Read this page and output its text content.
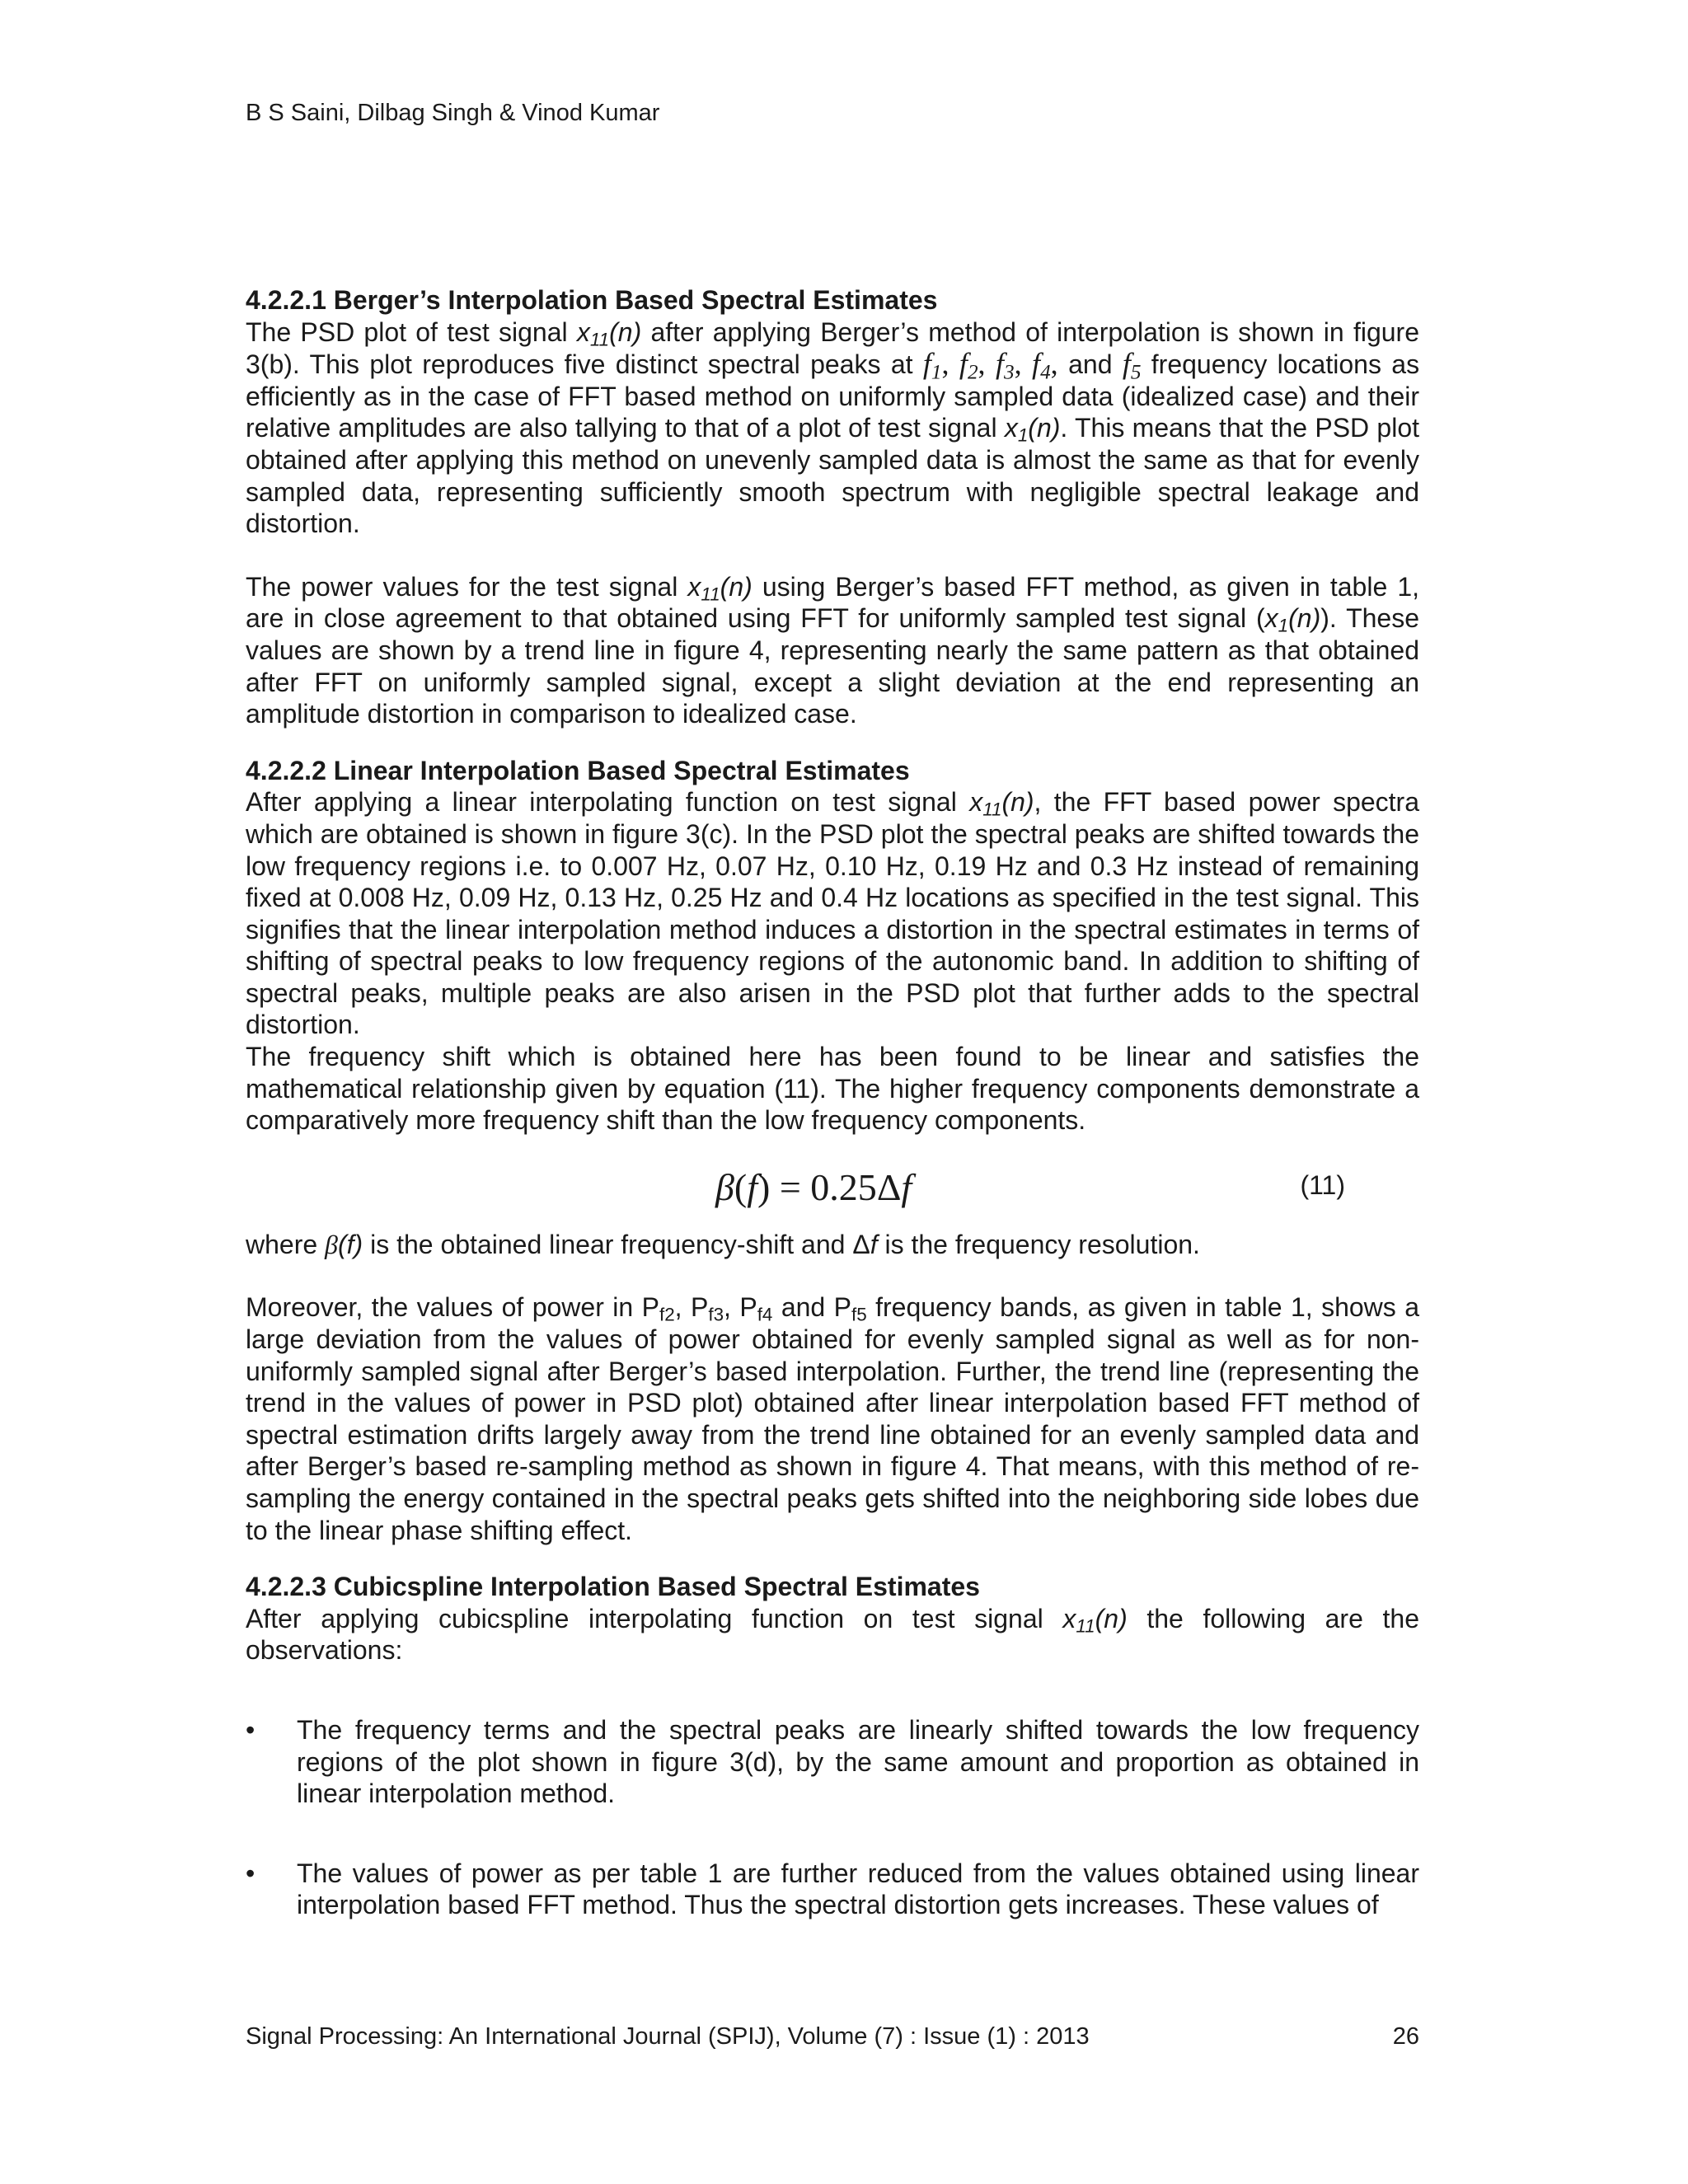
B S Saini, Dilbag Singh & Vinod Kumar
4.2.2.1 Berger’s Interpolation Based Spectral Estimates

The PSD plot of test signal $x_{11}(n)$ after applying Berger’s method of interpolation is shown in figure 3(b). This plot reproduces five distinct spectral peaks at $f_1$, $f_2$, $f_3$, $f_4$, and $f_5$ frequency locations as efficiently as in the case of FFT based method on uniformly sampled data (idealized case) and their relative amplitudes are also tallying to that of a plot of test signal $x_1(n)$. This means that the PSD plot obtained after applying this method on unevenly sampled data is almost the same as that for evenly sampled data, representing sufficiently smooth spectrum with negligible spectral leakage and distortion.

The power values for the test signal $x_{11}(n)$ using Berger’s based FFT method, as given in table 1, are in close agreement to that obtained using FFT for uniformly sampled test signal $(x_1(n))$. These values are shown by a trend line in figure 4, representing nearly the same pattern as that obtained after FFT on uniformly sampled signal, except a slight deviation at the end representing an amplitude distortion in comparison to idealized case.

4.2.2.2 Linear Interpolation Based Spectral Estimates

After applying a linear interpolating function on test signal $x_{11}(n)$, the FFT based power spectra which are obtained is shown in figure 3(c). In the PSD plot the spectral peaks are shifted towards the low frequency regions i.e. to 0.007 Hz, 0.07 Hz, 0.10 Hz, 0.19 Hz and 0.3 Hz instead of remaining fixed at 0.008 Hz, 0.09 Hz, 0.13 Hz, 0.25 Hz and 0.4 Hz locations as specified in the test signal. This signifies that the linear interpolation method induces a distortion in the spectral estimates in terms of shifting of spectral peaks to low frequency regions of the autonomic band. In addition to shifting of spectral peaks, multiple peaks are also arisen in the PSD plot that further adds to the spectral distortion.

The frequency shift which is obtained here has been found to be linear and satisfies the mathematical relationship given by equation (11). The higher frequency components demonstrate a comparatively more frequency shift than the low frequency components.

β(f) = 0.25Δf	(11)

where β(f) is the obtained linear frequency-shift and Δf is the frequency resolution.

Moreover, the values of power in $P_{f2}$, $P_{f3}$, $P_{f4}$ and $P_{f5}$ frequency bands, as given in table 1, shows a large deviation from the values of power obtained for evenly sampled signal as well as for non-uniformly sampled signal after Berger’s based interpolation. Further, the trend line (representing the trend in the values of power in PSD plot) obtained after linear interpolation based FFT method of spectral estimation drifts largely away from the trend line obtained for an evenly sampled data and after Berger’s based re-sampling method as shown in figure 4. That means, with this method of re-sampling the energy contained in the spectral peaks gets shifted into the neighboring side lobes due to the linear phase shifting effect.

4.2.2.3 Cubicspline Interpolation Based Spectral Estimates

After applying cubicspline interpolating function on test signal $x_{11}(n)$ the following are the observations:

• The frequency terms and the spectral peaks are linearly shifted towards the low frequency regions of the plot shown in figure 3(d), by the same amount and proportion as obtained in linear interpolation method.
• The values of power as per table 1 are further reduced from the values obtained using linear interpolation based FFT method. Thus the spectral distortion gets increases. These values of
Signal Processing: An International Journal (SPIJ), Volume (7) : Issue (1) : 2013	26
